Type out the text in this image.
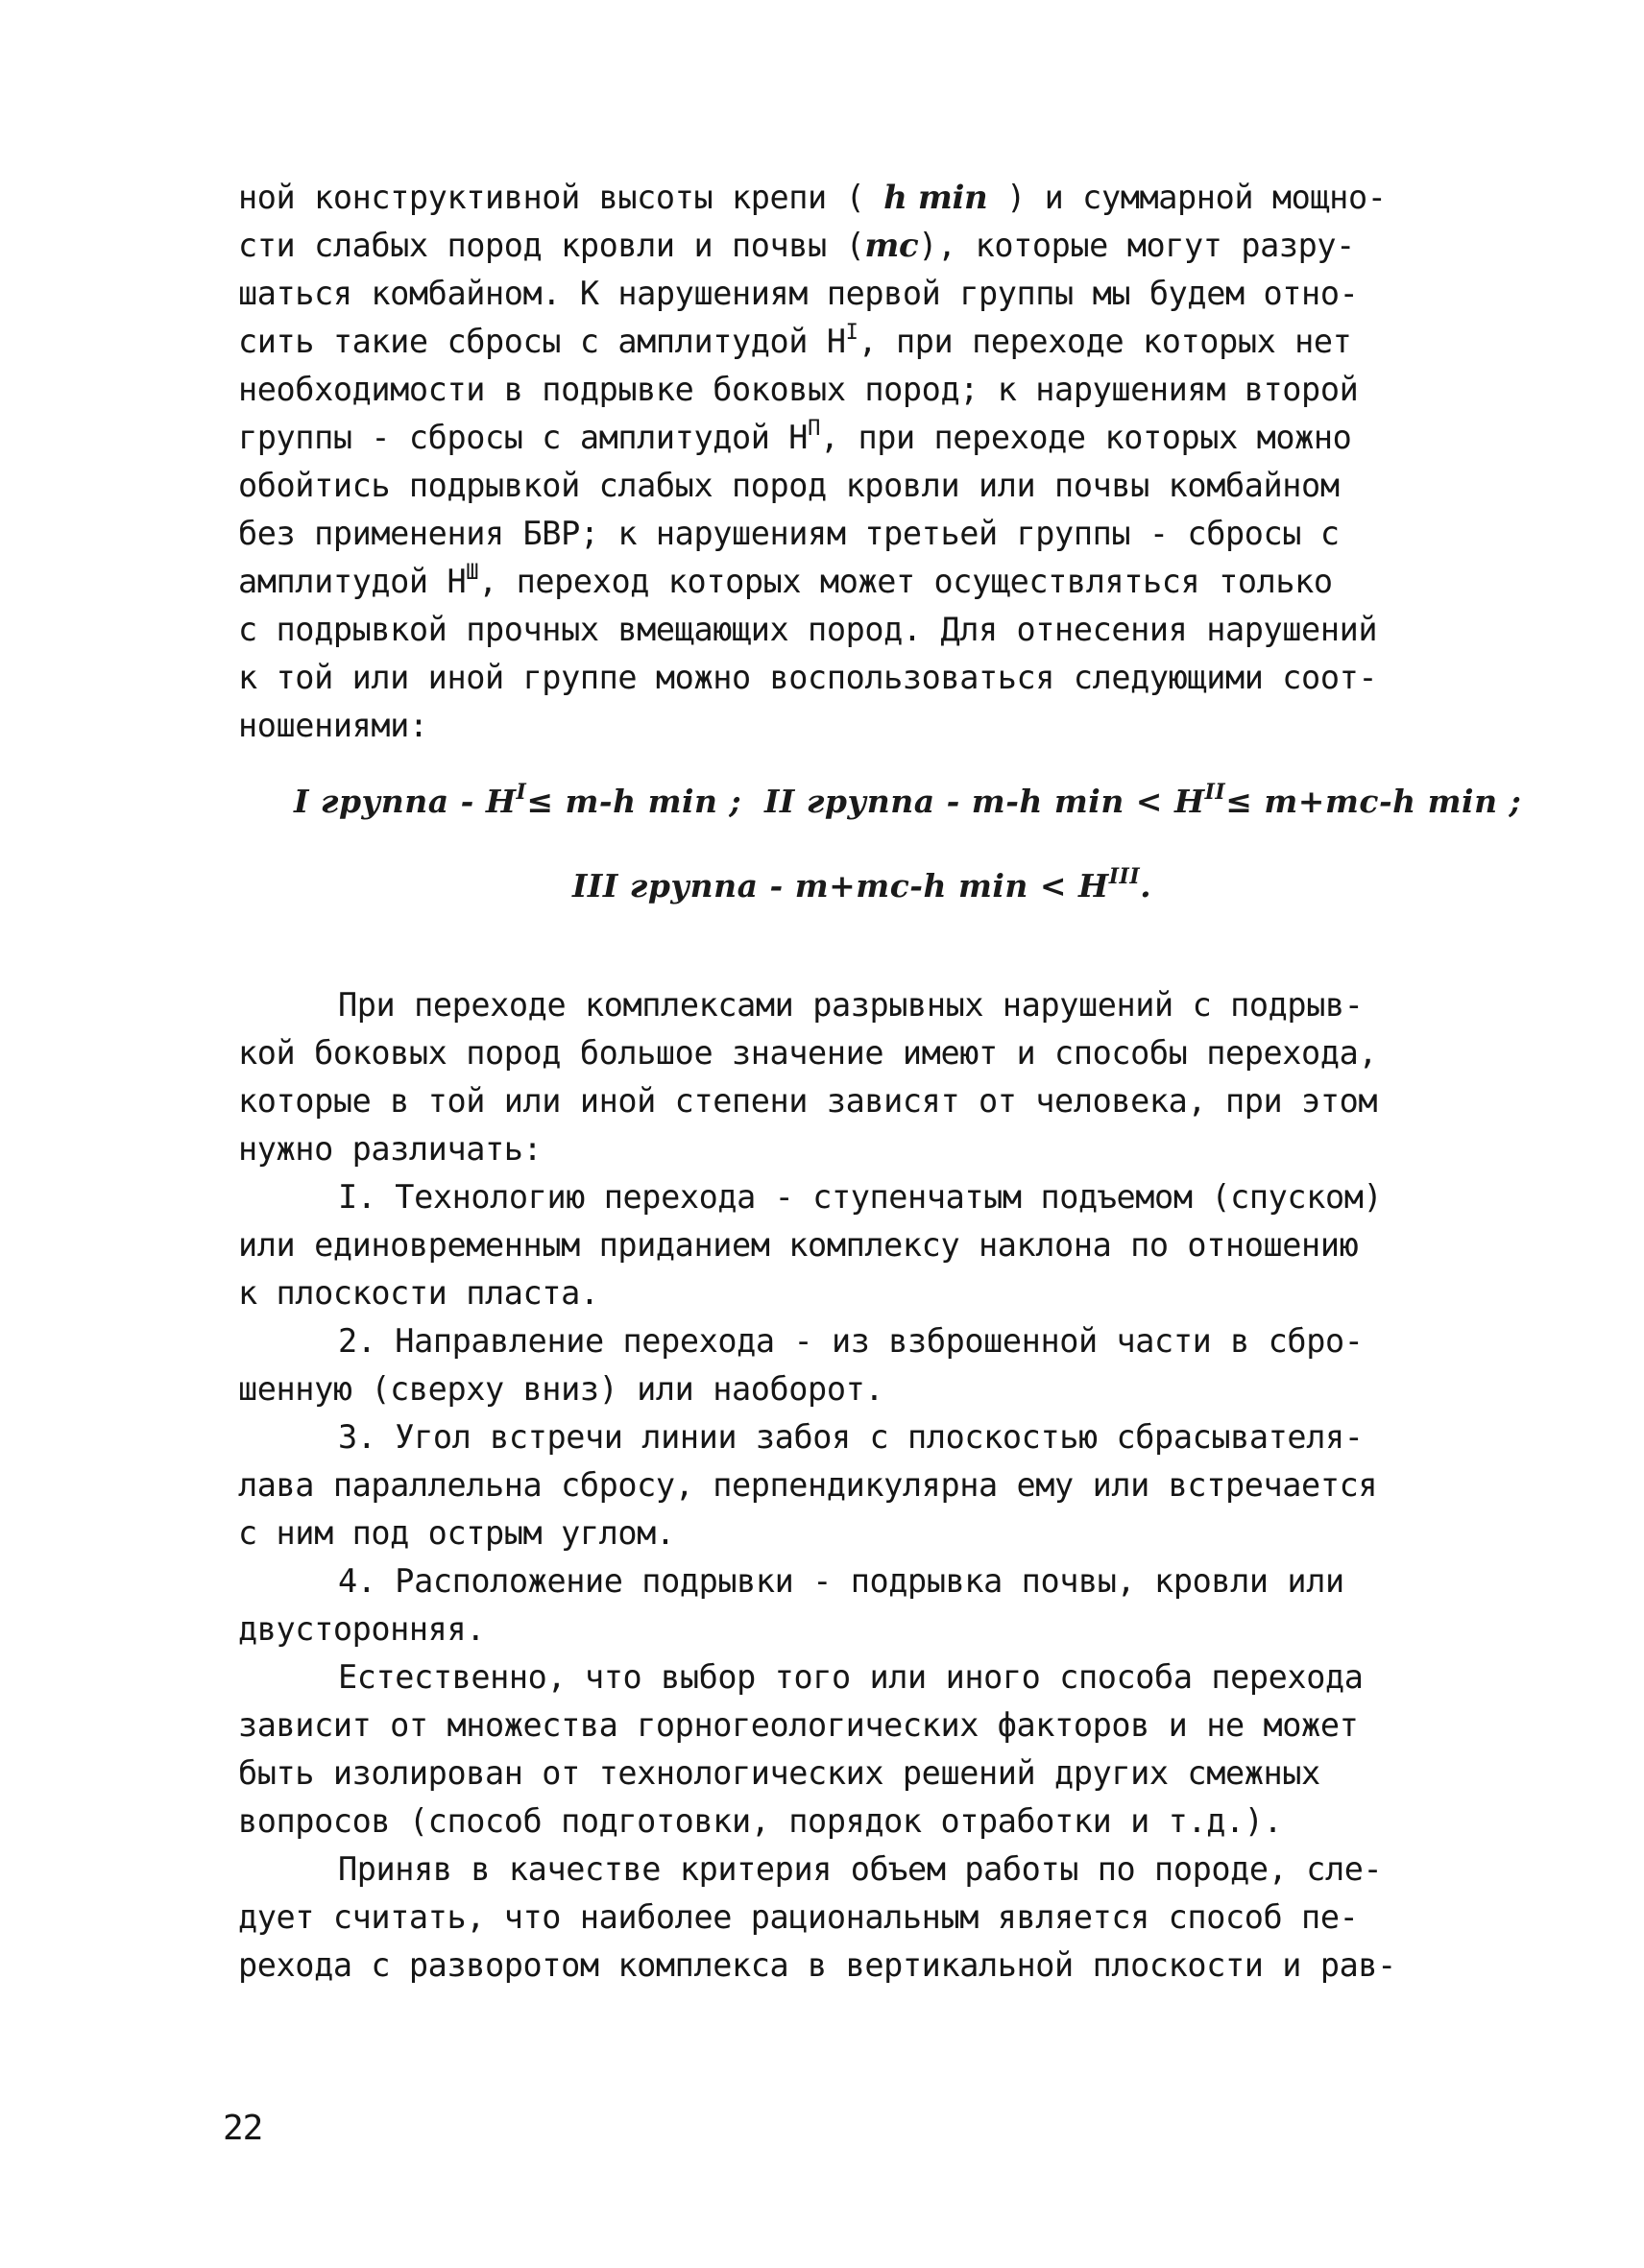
ной конструктивной высоты крепи ( h min ) и суммарной мощно-
сти слабых пород кровли и почвы (mc), которые могут разру-
шаться комбайном. К нарушениям первой группы мы будем отно-
сить такие сбросы с амплитудой $H^I$, при переходе которых нет
необходимости в подрывке боковых пород; к нарушениям второй
группы - сбросы с амплитудой $H^П$, при переходе которых можно
обойтись подрывкой слабых пород кровли или почвы комбайном
без применения БВР; к нарушениям третьей группы - сбросы с
амплитудой $H^Ш$, переход которых может осуществляться только
с подрывкой прочных вмещающих пород. Для отнесения нарушений
к той или иной группе можно воспользоваться следующими соот-
ношениями:
I группа - $H^I\le m-h$ min ; II группа - m-h $\min < H^{II}\le m+mc-h$ min ;
III группа - m+mc-h $\min < H^{III}$.
При переходе комплексами разрывных нарушений с подрыв-
кой боковых пород большое значение имеют и способы перехода,
которые в той или иной степени зависят от человека, при этом
нужно различать:
I. Технологию перехода - ступенчатым подъемом (спуском)
или единовременным приданием комплексу наклона по отношению
к плоскости пласта.
2. Направление перехода - из взброшенной части в сбро-
шенную (сверху вниз) или наоборот.
3. Угол встречи линии забоя с плоскостью сбрасывателя-
лава параллельна сбросу, перпендикулярна ему или встречается
с ним под острым углом.
4. Расположение подрывки - подрывка почвы, кровли или
двусторонняя.
Естественно, что выбор того или иного способа перехода
зависит от множества горногеологических факторов и не может
быть изолирован от технологических решений других смежных
вопросов (способ подготовки, порядок отработки и т.д.).
Приняв в качестве критерия объем работы по породе, сле-
дует считать, что наиболее рациональным является способ пе-
рехода с разворотом комплекса в вертикальной плоскости и рав-
22
